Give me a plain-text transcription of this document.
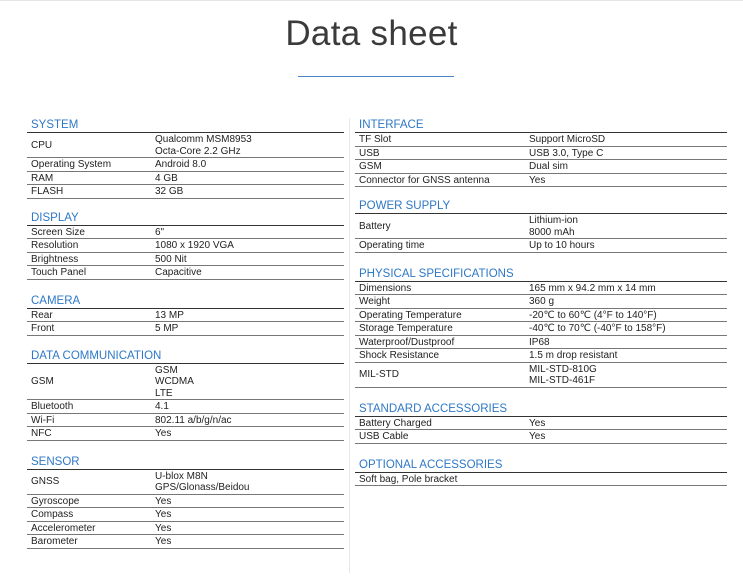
Data sheet
SYSTEM
CPU	Qualcomm MSM8953
Octa-Core 2.2 GHz

Operating System	Android 8.0

RAM	4 GB

FLASH	32 GB
DISPLAY
Screen Size	6"

Resolution	1080 x 1920 VGA

Brightness	500 Nit

Touch Panel	Capacitive
CAMERA
Rear	13 MP

Front	5 MP
DATA COMMUNICATION
GSM	GSM
WCDMA
LTE

Bluetooth	4.1

Wi-Fi	802.11 a/b/g/n/ac

NFC	Yes
SENSOR
GNSS	U-blox M8N
GPS/Glonass/Beidou

Gyroscope	Yes

Compass	Yes

Accelerometer	Yes

Barometer	Yes
INTERFACE
TF Slot	Support MicroSD

USB	USB 3.0, Type C

GSM	Dual sim

Connector for GNSS antenna	Yes
POWER SUPPLY
Battery	Lithium-ion
8000 mAh

Operating time	Up to 10 hours
PHYSICAL SPECIFICATIONS
Dimensions	165 mm x 94.2 mm x 14 mm

Weight	360 g

Operating Temperature	-20℃ to 60℃ (4°F to 140°F)

Storage Temperature	-40℃ to 70℃ (-40°F to 158°F)

Waterproof/Dustproof	IP68

Shock Resistance	1.5 m drop resistant

MIL-STD	MIL-STD-810G
MIL-STD-461F
STANDARD ACCESSORIES
Battery Charged	Yes

USB Cable	Yes
OPTIONAL ACCESSORIES
Soft bag, Pole bracket
